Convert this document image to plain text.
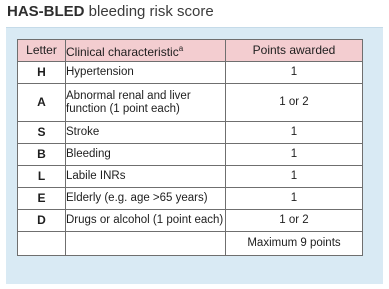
HAS-BLED bleeding risk score
Letter	Clinical characteristic$^a$	Points awarded
H	Hypertension	1
A	Abnormal renal and liver function (1 point each)	1 or 2
S	Stroke	1
B	Bleeding	1
L	Labile INRs	1
E	Elderly (e.g. age >65 years)	1
D	Drugs or alcohol (1 point each)	1 or 2
		Maximum 9 points
